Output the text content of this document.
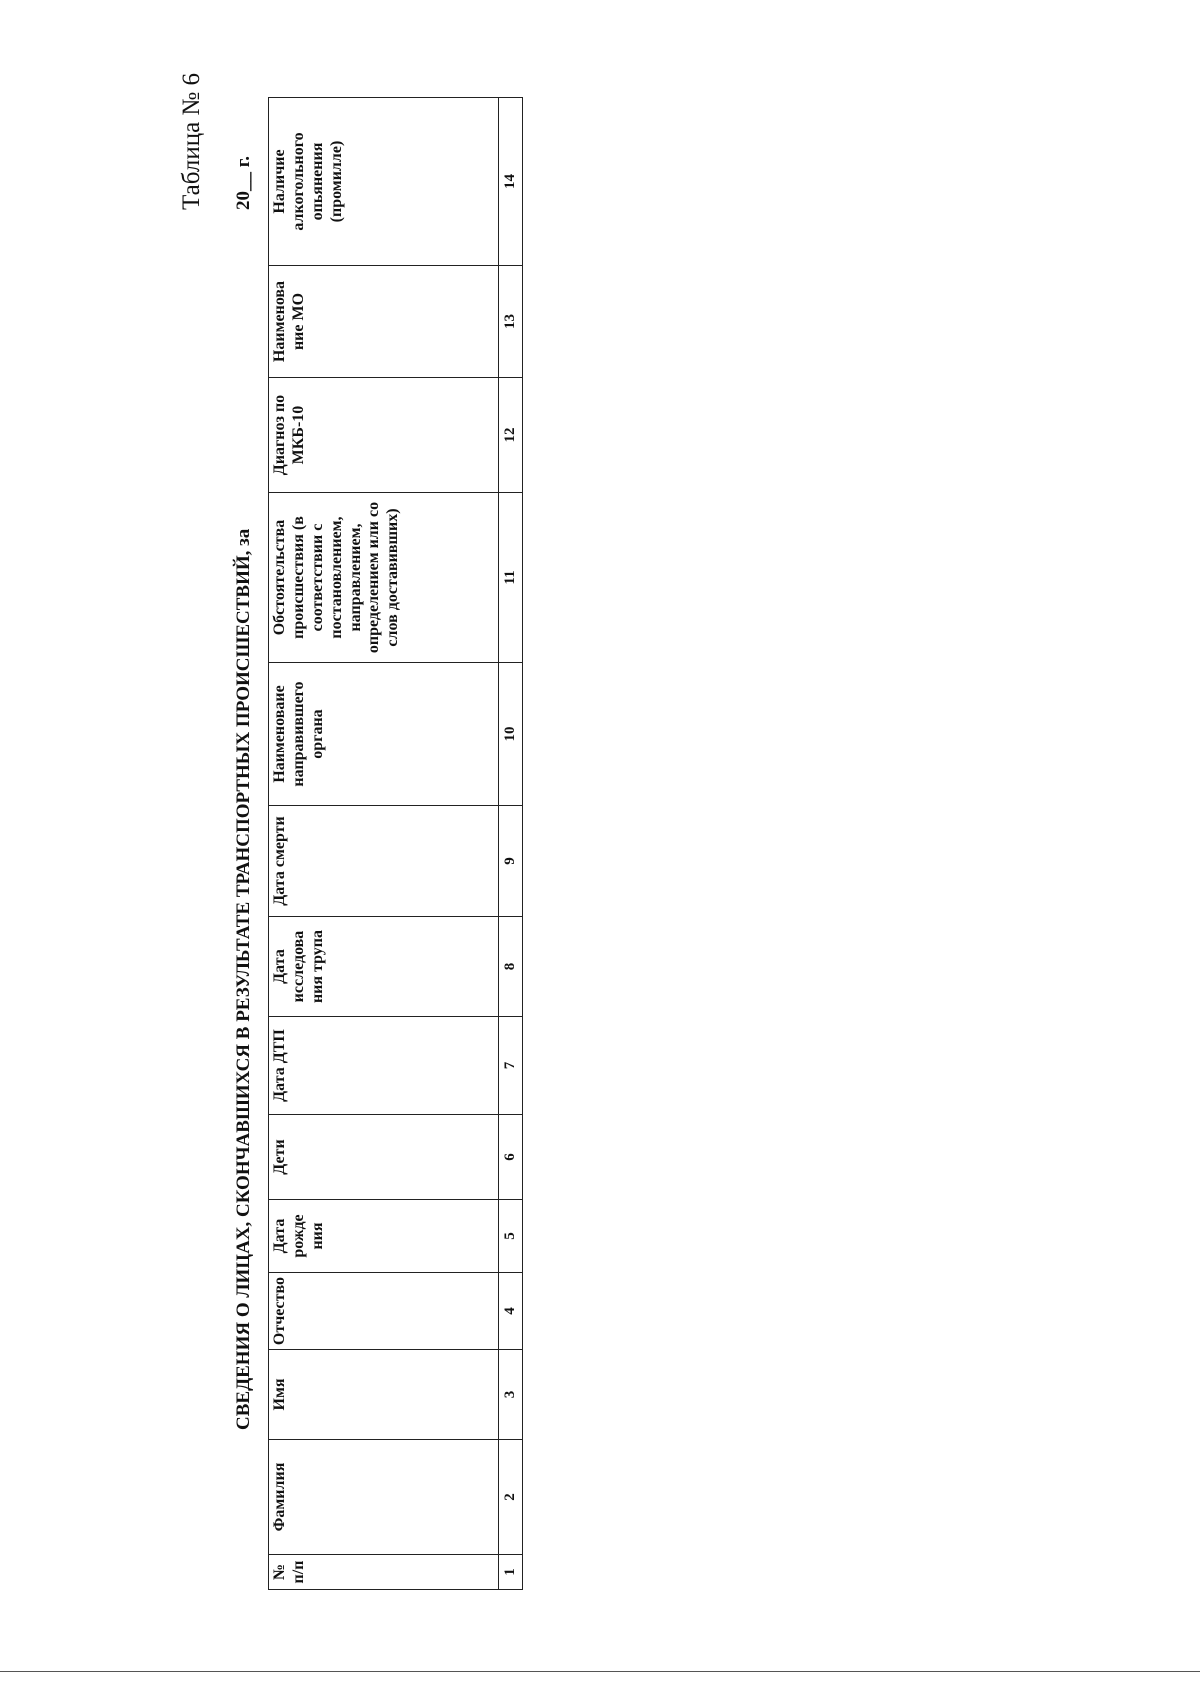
Таблица № 6
СВЕДЕНИЯ О ЛИЦАХ, СКОНЧАВШИХСЯ В РЕЗУЛЬТАТЕ ТРАНСПОРТНЫХ ПРОИСШЕСТВИЙ, за
20__ г.
№ п/п	Фамилия	Имя	Отчество	Дата рожде ния	Дети	Дата ДТП	Дата исследова ния трупа	Дата смерти	Наименоваие направившего органа	Обстоятельства происшествия (в соответствии с постановлением, направлением, определением или со слов доставивших)	Диагноз по МКБ-10	Наименова ние МО	Наличие алкогольного опьянения (промилле)
1	2	3	4	5	6	7	8	9	10	11	12	13	14
